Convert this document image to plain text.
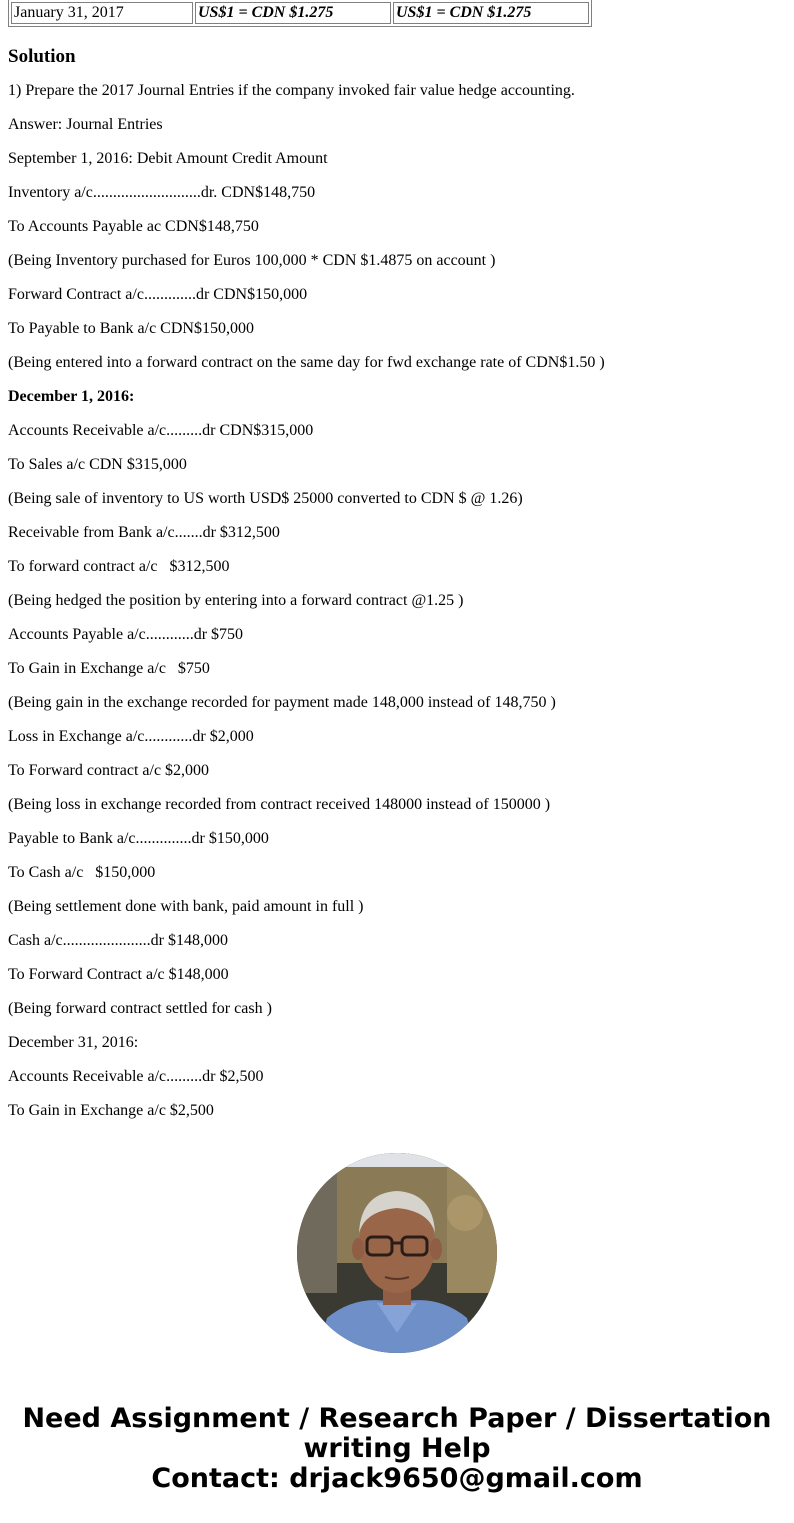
January 31, 2017	US$1 = CDN $1.275	US$1 = CDN $1.275
Solution

1) Prepare the 2017 Journal Entries if the company invoked fair value hedge accounting.

Answer: Journal Entries

September 1, 2016: Debit Amount Credit Amount

Inventory a/c...........................dr. CDN$148,750

To Accounts Payable ac CDN$148,750

(Being Inventory purchased for Euros 100,000 * CDN $1.4875 on account )

Forward Contract a/c.............dr CDN$150,000

To Payable to Bank a/c CDN$150,000

(Being entered into a forward contract on the same day for fwd exchange rate of CDN$1.50 )

December 1, 2016:

Accounts Receivable a/c.........dr CDN$315,000

To Sales a/c CDN $315,000

(Being sale of inventory to US worth USD$ 25000 converted to CDN $ @ 1.26)

Receivable from Bank a/c.......dr $312,500

To forward contract a/c   $312,500

(Being hedged the position by entering into a forward contract @1.25 )

Accounts Payable a/c............dr $750

To Gain in Exchange a/c   $750

(Being gain in the exchange recorded for payment made 148,000 instead of 148,750 )

Loss in Exchange a/c............dr $2,000

To Forward contract a/c $2,000

(Being loss in exchange recorded from contract received 148000 instead of 150000 )

Payable to Bank a/c..............dr $150,000

To Cash a/c   $150,000

(Being settlement done with bank, paid amount in full )

Cash a/c......................dr $148,000

To Forward Contract a/c $148,000

(Being forward contract settled for cash )

December 31, 2016:

Accounts Receivable a/c.........dr $2,500

To Gain in Exchange a/c $2,500

Need Assignment / Research Paper / Dissertation
writing Help
Contact: drjack9650@gmail.com
